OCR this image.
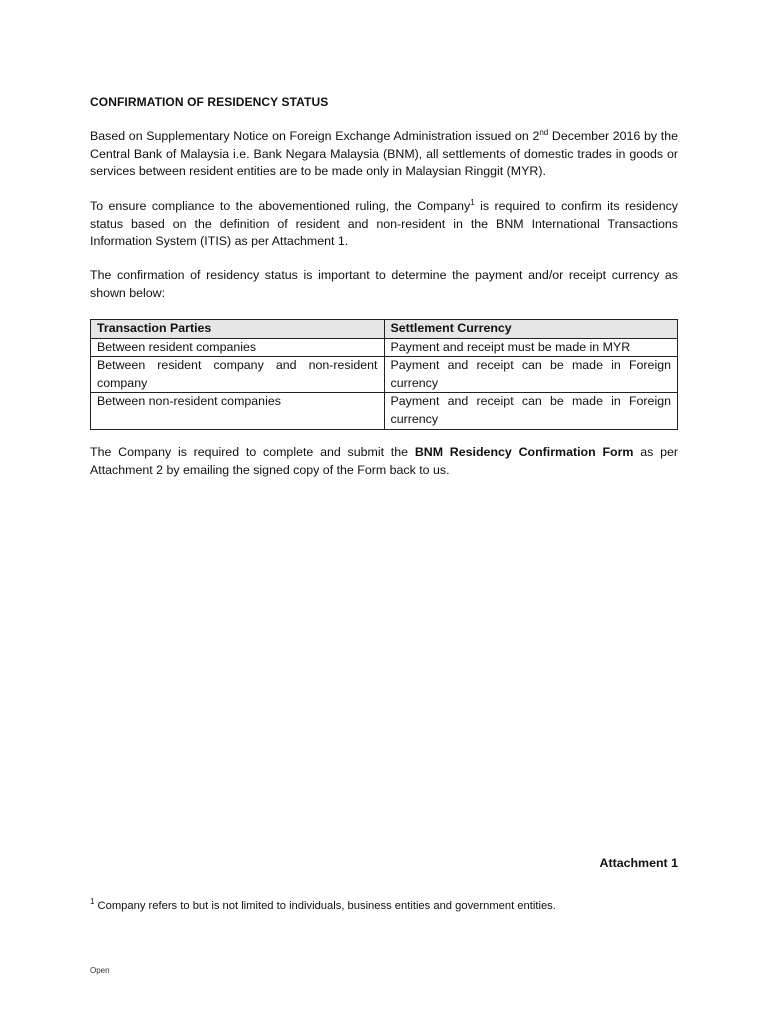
CONFIRMATION OF RESIDENCY STATUS

Based on Supplementary Notice on Foreign Exchange Administration issued on 2nd December 2016 by the Central Bank of Malaysia i.e. Bank Negara Malaysia (BNM), all settlements of domestic trades in goods or services between resident entities are to be made only in Malaysian Ringgit (MYR).

To ensure compliance to the abovementioned ruling, the Company$^1$ is required to confirm its residency status based on the definition of resident and non-resident in the BNM International Transactions Information System (ITIS) as per Attachment 1.

The confirmation of residency status is important to determine the payment and/or receipt currency as shown below:

Transaction Parties	Settlement Currency
Between resident companies	Payment and receipt must be made in MYR
Between resident company and non-resident company	Payment and receipt can be made in Foreign currency
Between non-resident companies	Payment and receipt can be made in Foreign currency

The Company is required to complete and submit the BNM Residency Confirmation Form as per Attachment 2 by emailing the signed copy of the Form back to us.

Attachment 1
$^1$ Company refers to but is not limited to individuals, business entities and government entities.
Open
